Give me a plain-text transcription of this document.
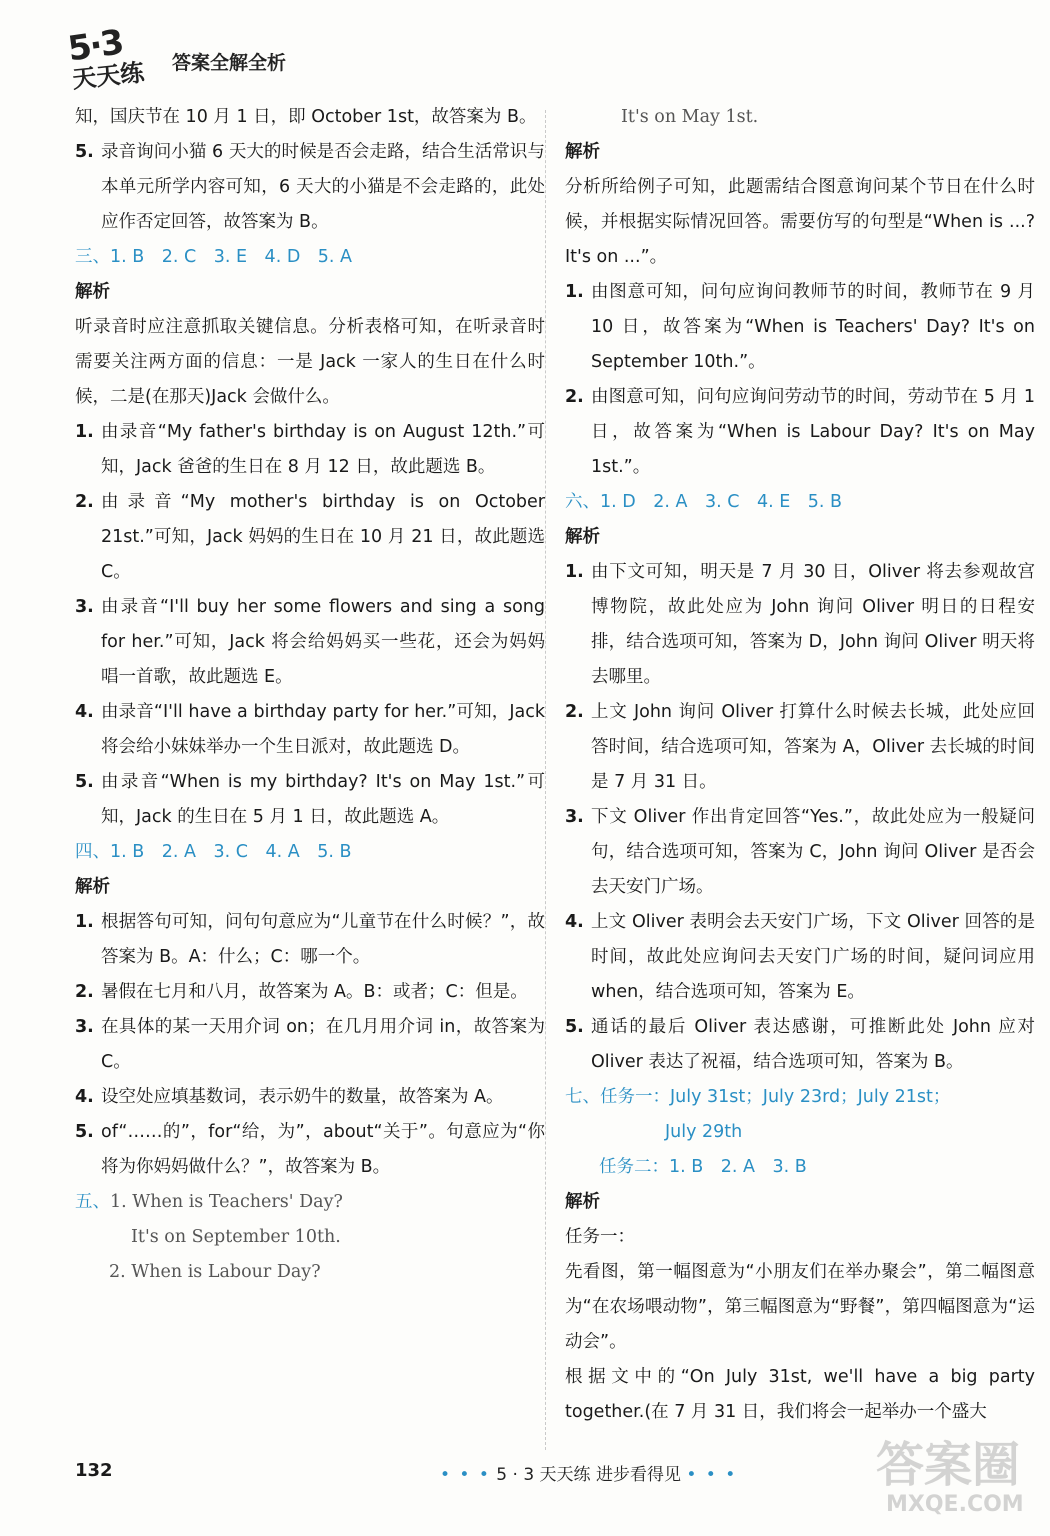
5·3
天天练 答案全解全析

知，国庆节在 10 月 1 日，即 October 1st，故答案为 B。

5. 录音询问小猫 6 天大的时候是否会走路，结合生活常识与本单元所学内容可知，6 天大的小猫是不会走路的，此处应作否定回答，故答案为 B。

三、1. B　2. C　3. E　4. D　5. A

解析

听录音时应注意抓取关键信息。分析表格可知，在听录音时需要关注两方面的信息：一是 Jack 一家人的生日在什么时候，二是(在那天)Jack 会做什么。

1. 由录音“My father's birthday is on August 12th.”可知，Jack 爸爸的生日在 8 月 12 日，故此题选 B。
2. 由录音“My mother's birthday is on October 21st.”可知，Jack 妈妈的生日在 10 月 21 日，故此题选 C。
3. 由录音“I'll buy her some flowers and sing a song for her.”可知，Jack 将会给妈妈买一些花，还会为妈妈唱一首歌，故此题选 E。
4. 由录音“I'll have a birthday party for her.”可知，Jack 将会给小妹妹举办一个生日派对，故此题选 D。
5. 由录音“When is my birthday? It's on May 1st.”可知，Jack 的生日在 5 月 1 日，故此题选 A。

四、1. B　2. A　3. C　4. A　5. B

解析

1. 根据答句可知，问句句意应为“儿童节在什么时候？”，故答案为 B。A：什么；C：哪一个。
2. 暑假在七月和八月，故答案为 A。B：或者；C：但是。
3. 在具体的某一天用介词 on；在几月用介词 in，故答案为 C。
4. 设空处应填基数词，表示奶牛的数量，故答案为 A。
5. of“……的”，for“给，为”，about“关于”。句意应为“你将为你妈妈做什么？”，故答案为 B。

五、1. When is Teachers' Day?

It's on September 10th.

2. When is Labour Day?

It's on May 1st.

解析

分析所给例子可知，此题需结合图意询问某个节日在什么时候，并根据实际情况回答。需要仿写的句型是“When is ...? It's on ...”。

1. 由图意可知，问句应询问教师节的时间，教师节在 9 月 10 日，故答案为“When is Teachers' Day? It's on September 10th.”。
2. 由图意可知，问句应询问劳动节的时间，劳动节在 5 月 1 日，故答案为“When is Labour Day? It's on May 1st.”。

六、1. D　2. A　3. C　4. E　5. B

解析

1. 由下文可知，明天是 7 月 30 日，Oliver 将去参观故宫博物院，故此处应为 John 询问 Oliver 明日的日程安排，结合选项可知，答案为 D，John 询问 Oliver 明天将去哪里。
2. 上文 John 询问 Oliver 打算什么时候去长城，此处应回答时间，结合选项可知，答案为 A，Oliver 去长城的时间是 7 月 31 日。
3. 下文 Oliver 作出肯定回答“Yes.”，故此处应为一般疑问句，结合选项可知，答案为 C，John 询问 Oliver 是否会去天安门广场。
4. 上文 Oliver 表明会去天安门广场，下文 Oliver 回答的是时间，故此处应询问去天安门广场的时间，疑问词应用 when，结合选项可知，答案为 E。
5. 通话的最后 Oliver 表达感谢，可推断此处 John 应对 Oliver 表达了祝福，结合选项可知，答案为 B。

七、任务一：July 31st；July 23rd；July 21st；

July 29th

任务二：1. B　2. A　3. B

解析

任务一：

先看图，第一幅图意为“小朋友们在举办聚会”，第二幅图意为“在农场喂动物”，第三幅图意为“野餐”，第四幅图意为“运动会”。

根据文中的“On July 31st, we'll have a big party together.(在 7 月 31 日，我们将会一起举办一个盛大

132	• • • 5 · 3 天天练 进步看得见 • • •	答案圈
MXQE.COM
